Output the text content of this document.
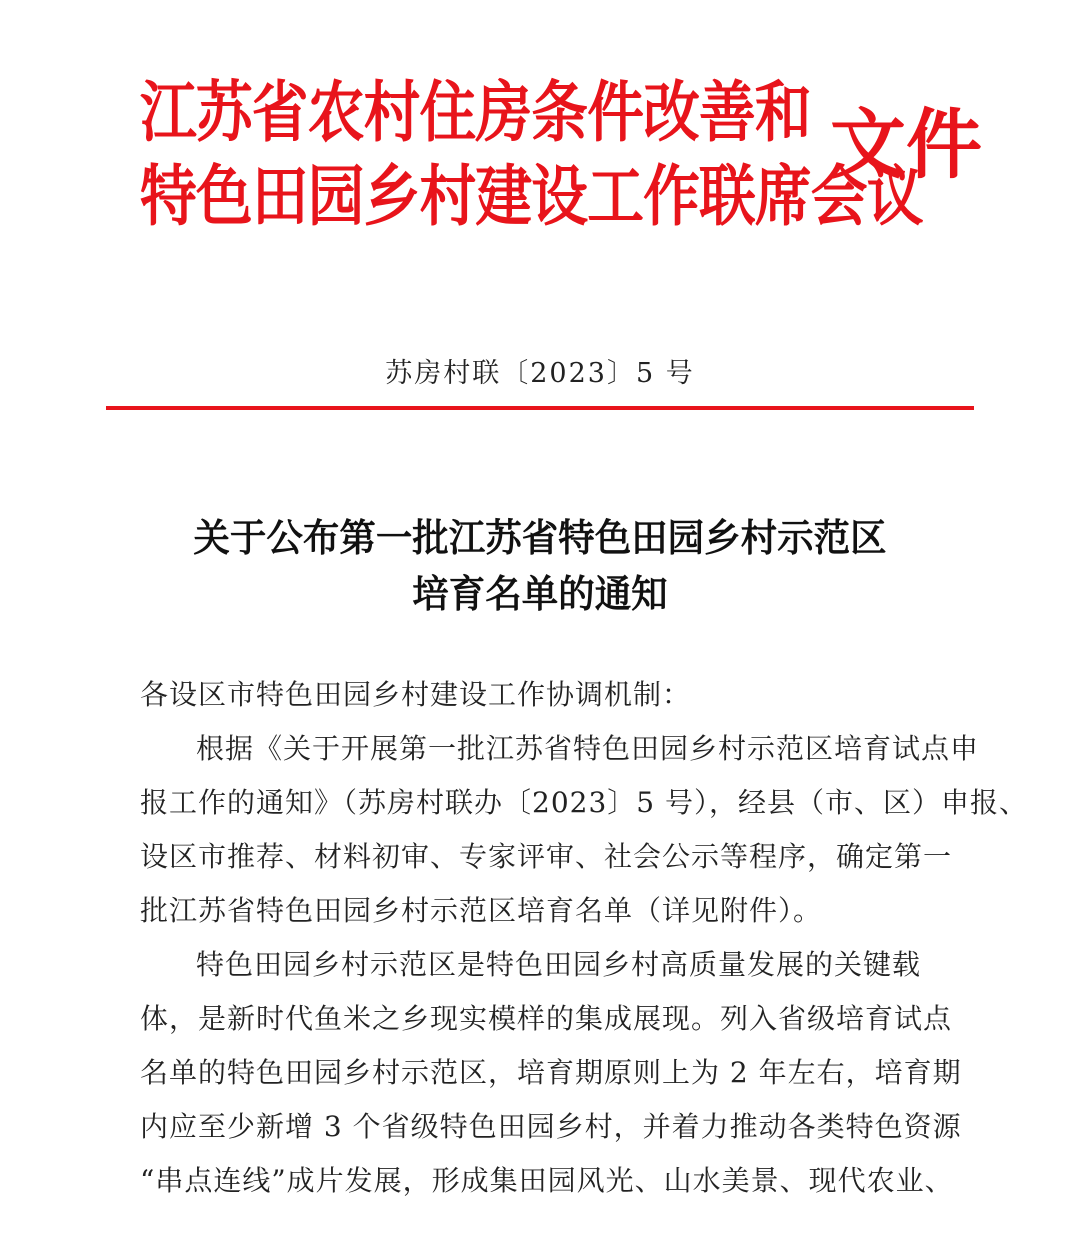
江苏省农村住房条件改善和
特色田园乡村建设工作联席会议
文件
苏房村联〔2023〕5 号
关于公布第一批江苏省特色田园乡村示范区
培育名单的通知
各设区市特色田园乡村建设工作协调机制：
根据《关于开展第一批江苏省特色田园乡村示范区培育试点申
报工作的通知》（苏房村联办〔2023〕5 号），经县（市、区）申报、
设区市推荐、材料初审、专家评审、社会公示等程序，确定第一
批江苏省特色田园乡村示范区培育名单（详见附件）。
特色田园乡村示范区是特色田园乡村高质量发展的关键载
体，是新时代鱼米之乡现实模样的集成展现。列入省级培育试点
名单的特色田园乡村示范区，培育期原则上为 2 年左右，培育期
内应至少新增 3 个省级特色田园乡村，并着力推动各类特色资源
“串点连线”成片发展，形成集田园风光、山水美景、现代农业、
